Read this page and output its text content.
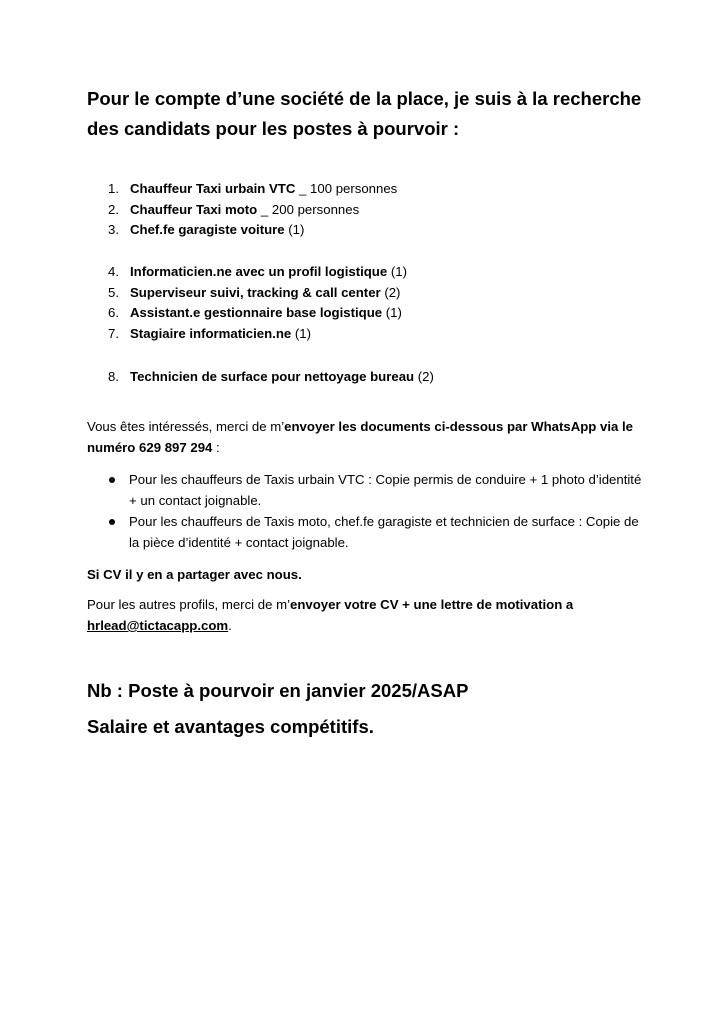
Pour le compte d’une société de la place, je suis à la recherche des candidats pour les postes à pourvoir :

1. Chauffeur Taxi urbain VTC _ 100 personnes
2. Chauffeur Taxi moto _ 200 personnes
3. Chef.fe garagiste voiture (1)
4. Informaticien.ne avec un profil logistique (1)
5. Superviseur suivi, tracking & call center (2)
6. Assistant.e gestionnaire base logistique (1)
7. Stagiaire informaticien.ne (1)
8. Technicien de surface pour nettoyage bureau (2)

Vous êtes intéressés, merci de m’envoyer les documents ci-dessous par WhatsApp via le numéro 629 897 294 :

Pour les chauffeurs de Taxis urbain VTC : Copie permis de conduire + 1 photo d’identité + un contact joignable.
Pour les chauffeurs de Taxis moto, chef.fe garagiste et technicien de surface : Copie de la pièce d’identité + contact joignable.

Si CV il y en a partager avec nous.

Pour les autres profils, merci de m’envoyer votre CV + une lettre de motivation a hrlead@tictacapp.com.

Nb : Poste à pourvoir en janvier 2025/ASAP

Salaire et avantages compétitifs.
